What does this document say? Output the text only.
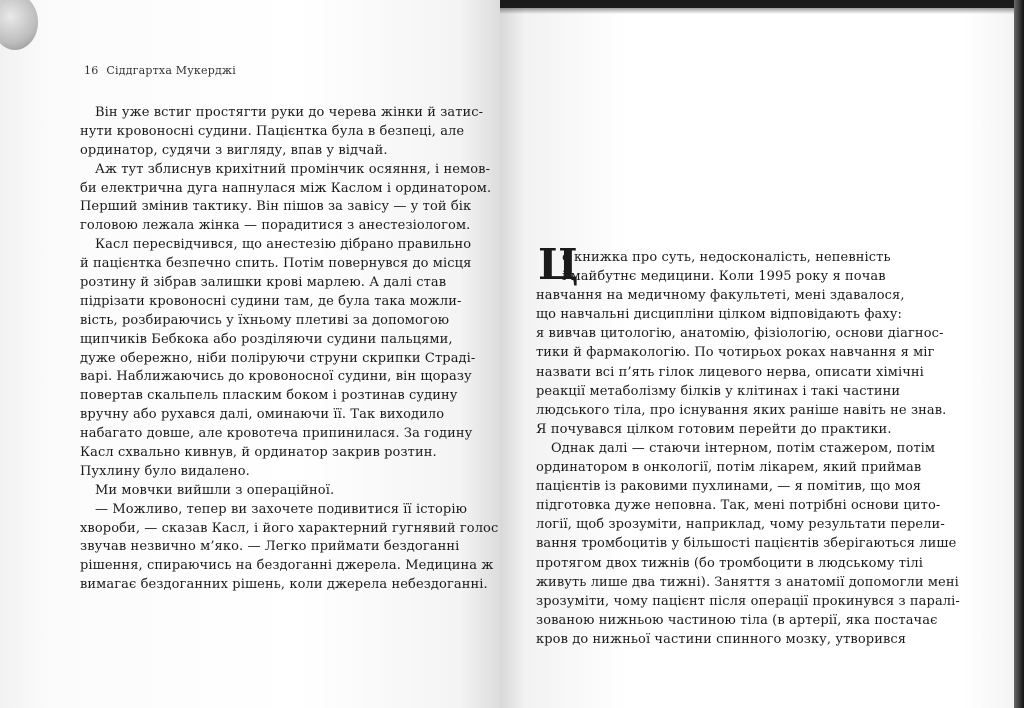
16 Сіддгартха Мукерджі
Він уже встиг простягти руки до черева жінки й затис-
нути кровоносні судини. Пацієнтка була в безпеці, але
ординатор, судячи з вигляду, впав у відчай.
Аж тут зблиснув крихітний промінчик осяяння, і немов-
би електрична дуга напнулася між Каслом і ординатором.
Перший змінив тактику. Він пішов за завісу — у той бік
головою лежала жінка — порадитися з анестезіологом.
Касл пересвідчився, що анестезію дібрано правильно
й пацієнтка безпечно спить. Потім повернувся до місця
розтину й зібрав залишки крові марлею. А далі став
підрізати кровоносні судини там, де була така можли-
вість, розбираючись у їхньому плетиві за допомогою
щипчиків Бебкока або розділяючи судини пальцями,
дуже обережно, ніби поліруючи струни скрипки Страді-
варі. Наближаючись до кровоносної судини, він щоразу
повертав скальпель пласким боком і розтинав судину
вручну або рухався далі, оминаючи її. Так виходило
набагато довше, але кровотеча припинилася. За годину
Касл схвально кивнув, й ординатор закрив розтин.
Пухлину було видалено.
Ми мовчки вийшли з операційної.
— Можливо, тепер ви захочете подивитися її історію
хвороби, — сказав Касл, і його характерний гугнявий голос
звучав незвично м’яко. — Легко приймати бездоганні
рішення, спираючись на бездоганні джерела. Медицина ж
вимагає бездоганних рішень, коли джерела небездоганні.
Ц
е книжка про суть, недосконалість, непевність
і майбутнє медицини. Коли 1995 року я почав
навчання на медичному факультеті, мені здавалося,
що навчальні дисципліни цілком відповідають фаху:
я вивчав цитологію, анатомію, фізіологію, основи діагнос-
тики й фармакологію. По чотирьох роках навчання я міг
назвати всі п’ять гілок лицевого нерва, описати хімічні
реакції метаболізму білків у клітинах і такі частини
людського тіла, про існування яких раніше навіть не знав.
Я почувався цілком готовим перейти до практики.
Однак далі — стаючи інтерном, потім стажером, потім
ординатором в онкології, потім лікарем, який приймав
пацієнтів із раковими пухлинами, — я помітив, що моя
підготовка дуже неповна. Так, мені потрібні основи цито-
логії, щоб зрозуміти, наприклад, чому результати перели-
вання тромбоцитів у більшості пацієнтів зберігаються лише
протягом двох тижнів (бо тромбоцити в людському тілі
живуть лише два тижні). Заняття з анатомії допомогли мені
зрозуміти, чому пацієнт після операції прокинувся з паралі-
зованою нижньою частиною тіла (в артерії, яка постачає
кров до нижньої частини спинного мозку, утворився
